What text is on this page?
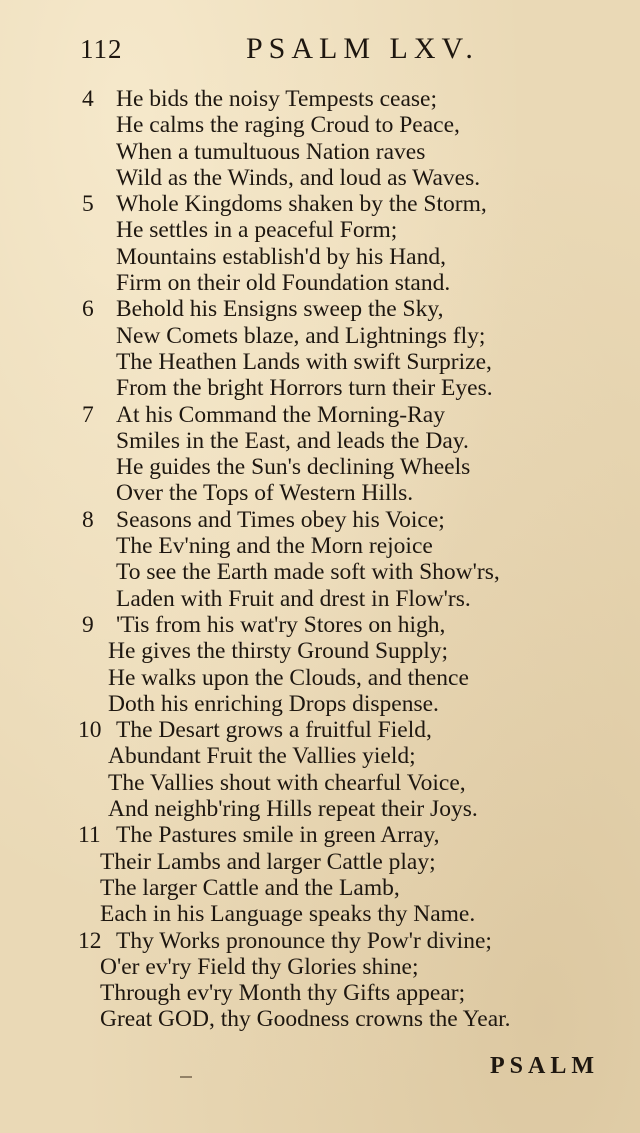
112	PSALM LXV.
4 He bids the noisy Tempests cease;
He calms the raging Croud to Peace,
When a tumultuous Nation raves
Wild as the Winds, and loud as Waves.
5 Whole Kingdoms shaken by the Storm,
He settles in a peaceful Form;
Mountains establish'd by his Hand,
Firm on their old Foundation stand.
6 Behold his Ensigns sweep the Sky,
New Comets blaze, and Lightnings fly;
The Heathen Lands with swift Surprize,
From the bright Horrors turn their Eyes.
7 At his Command the Morning-Ray
Smiles in the East, and leads the Day.
He guides the Sun's declining Wheels
Over the Tops of Western Hills.
8 Seasons and Times obey his Voice;
The Ev'ning and the Morn rejoice
To see the Earth made soft with Show'rs,
Laden with Fruit and drest in Flow'rs.
9 'Tis from his wat'ry Stores on high,
He gives the thirsty Ground Supply;
He walks upon the Clouds, and thence
Doth his enriching Drops dispense.
10 The Desart grows a fruitful Field,
Abundant Fruit the Vallies yield;
The Vallies shout with chearful Voice,
And neighb'ring Hills repeat their Joys.
11 The Pastures smile in green Array,
Their Lambs and larger Cattle play;
The larger Cattle and the Lamb,
Each in his Language speaks thy Name.
12 Thy Works pronounce thy Pow'r divine;
O'er ev'ry Field thy Glories shine;
Through ev'ry Month thy Gifts appear;
Great GOD, thy Goodness crowns the Year.
PSALM
